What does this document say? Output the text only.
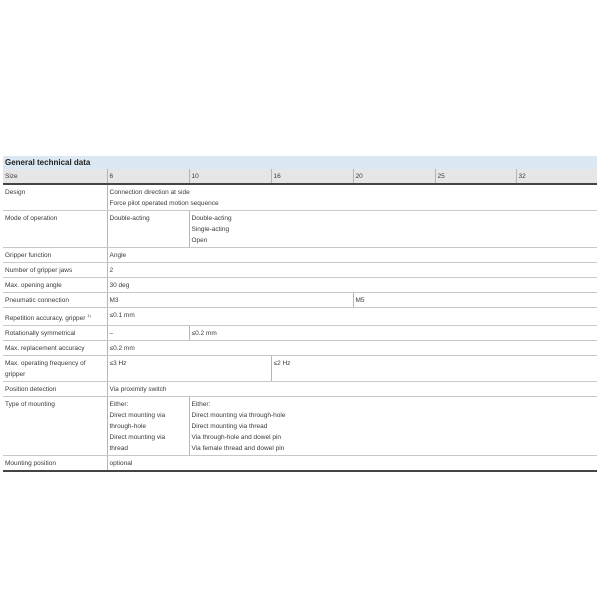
General technical data
Size	6	10	16	20	25	32
Design	Connection direction at side
Force pilot operated motion sequence					

Mode of operation	Double-acting	Double-acting
Single-acting
Open				

Gripper function	Angle					
Number of gripper jaws	2					
Max. opening angle	30 deg					
Pneumatic connection	M3			M5		
Repetition accuracy, gripper $^{1)}$	≤0.1 mm					
Rotationally symmetrical	–	≤0.2 mm				
Max. replacement accuracy	≤0.2 mm					
Max. operating frequency of gripper	≤3 Hz		≤2 Hz			
Position detection	Via proximity switch					
Type of mounting	Either:
Direct mounting via
through-hole
Direct mounting via
thread	Either:
Direct mounting via through-hole
Direct mounting via thread
Via through-hole and dowel pin
Via female thread and dowel pin				

Mounting position	optional					
